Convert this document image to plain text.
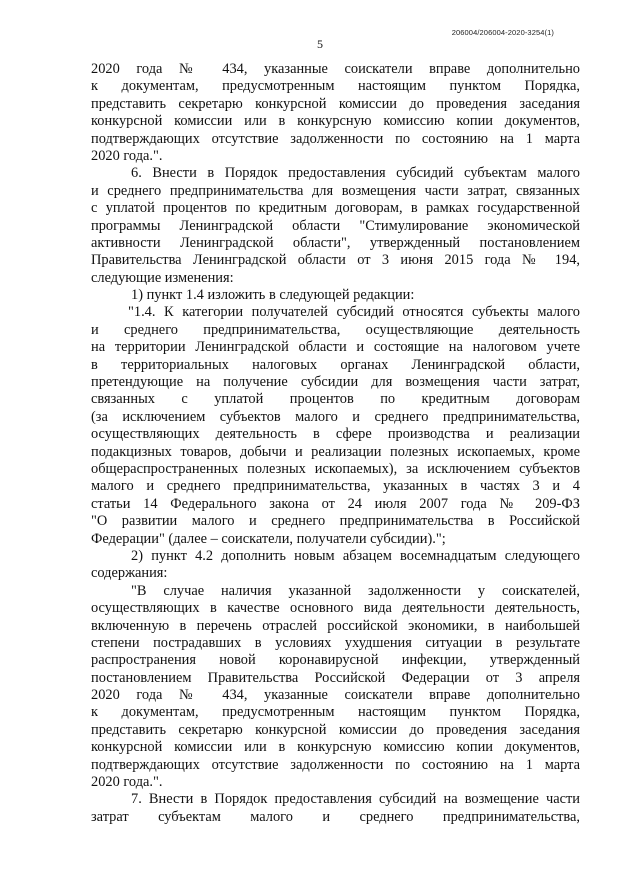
206004/206004-2020-3254(1)
5
2020 года № 434, указанные соискатели вправе дополнительно
к документам, предусмотренным настоящим пунктом Порядка,
представить секретарю конкурсной комиссии до проведения заседания
конкурсной комиссии или в конкурсную комиссию копии документов,
подтверждающих отсутствие задолженности по состоянию на 1 марта
2020 года.".
6. Внести в Порядок предоставления субсидий субъектам малого
и среднего предпринимательства для возмещения части затрат, связанных
с уплатой процентов по кредитным договорам, в рамках государственной
программы Ленинградской области "Стимулирование экономической
активности Ленинградской области", утвержденный постановлением
Правительства Ленинградской области от 3 июня 2015 года № 194,
следующие изменения:
1) пункт 1.4 изложить в следующей редакции:
"1.4. К категории получателей субсидий относятся субъекты малого
и среднего предпринимательства, осуществляющие деятельность
на территории Ленинградской области и состоящие на налоговом учете
в территориальных налоговых органах Ленинградской области,
претендующие на получение субсидии для возмещения части затрат,
связанных с уплатой процентов по кредитным договорам
(за исключением субъектов малого и среднего предпринимательства,
осуществляющих деятельность в сфере производства и реализации
подакцизных товаров, добычи и реализации полезных ископаемых, кроме
общераспространенных полезных ископаемых), за исключением субъектов
малого и среднего предпринимательства, указанных в частях 3 и 4
статьи 14 Федерального закона от 24 июля 2007 года № 209-ФЗ
"О развитии малого и среднего предпринимательства в Российской
Федерации" (далее – соискатели, получатели субсидии).";
2) пункт 4.2 дополнить новым абзацем восемнадцатым следующего
содержания:
"В случае наличия указанной задолженности у соискателей,
осуществляющих в качестве основного вида деятельности деятельность,
включенную в перечень отраслей российской экономики, в наибольшей
степени пострадавших в условиях ухудшения ситуации в результате
распространения новой коронавирусной инфекции, утвержденный
постановлением Правительства Российской Федерации от 3 апреля
2020 года № 434, указанные соискатели вправе дополнительно
к документам, предусмотренным настоящим пунктом Порядка,
представить секретарю конкурсной комиссии до проведения заседания
конкурсной комиссии или в конкурсную комиссию копии документов,
подтверждающих отсутствие задолженности по состоянию на 1 марта
2020 года.".
7. Внести в Порядок предоставления субсидий на возмещение части
затрат субъектам малого и среднего предпринимательства,
